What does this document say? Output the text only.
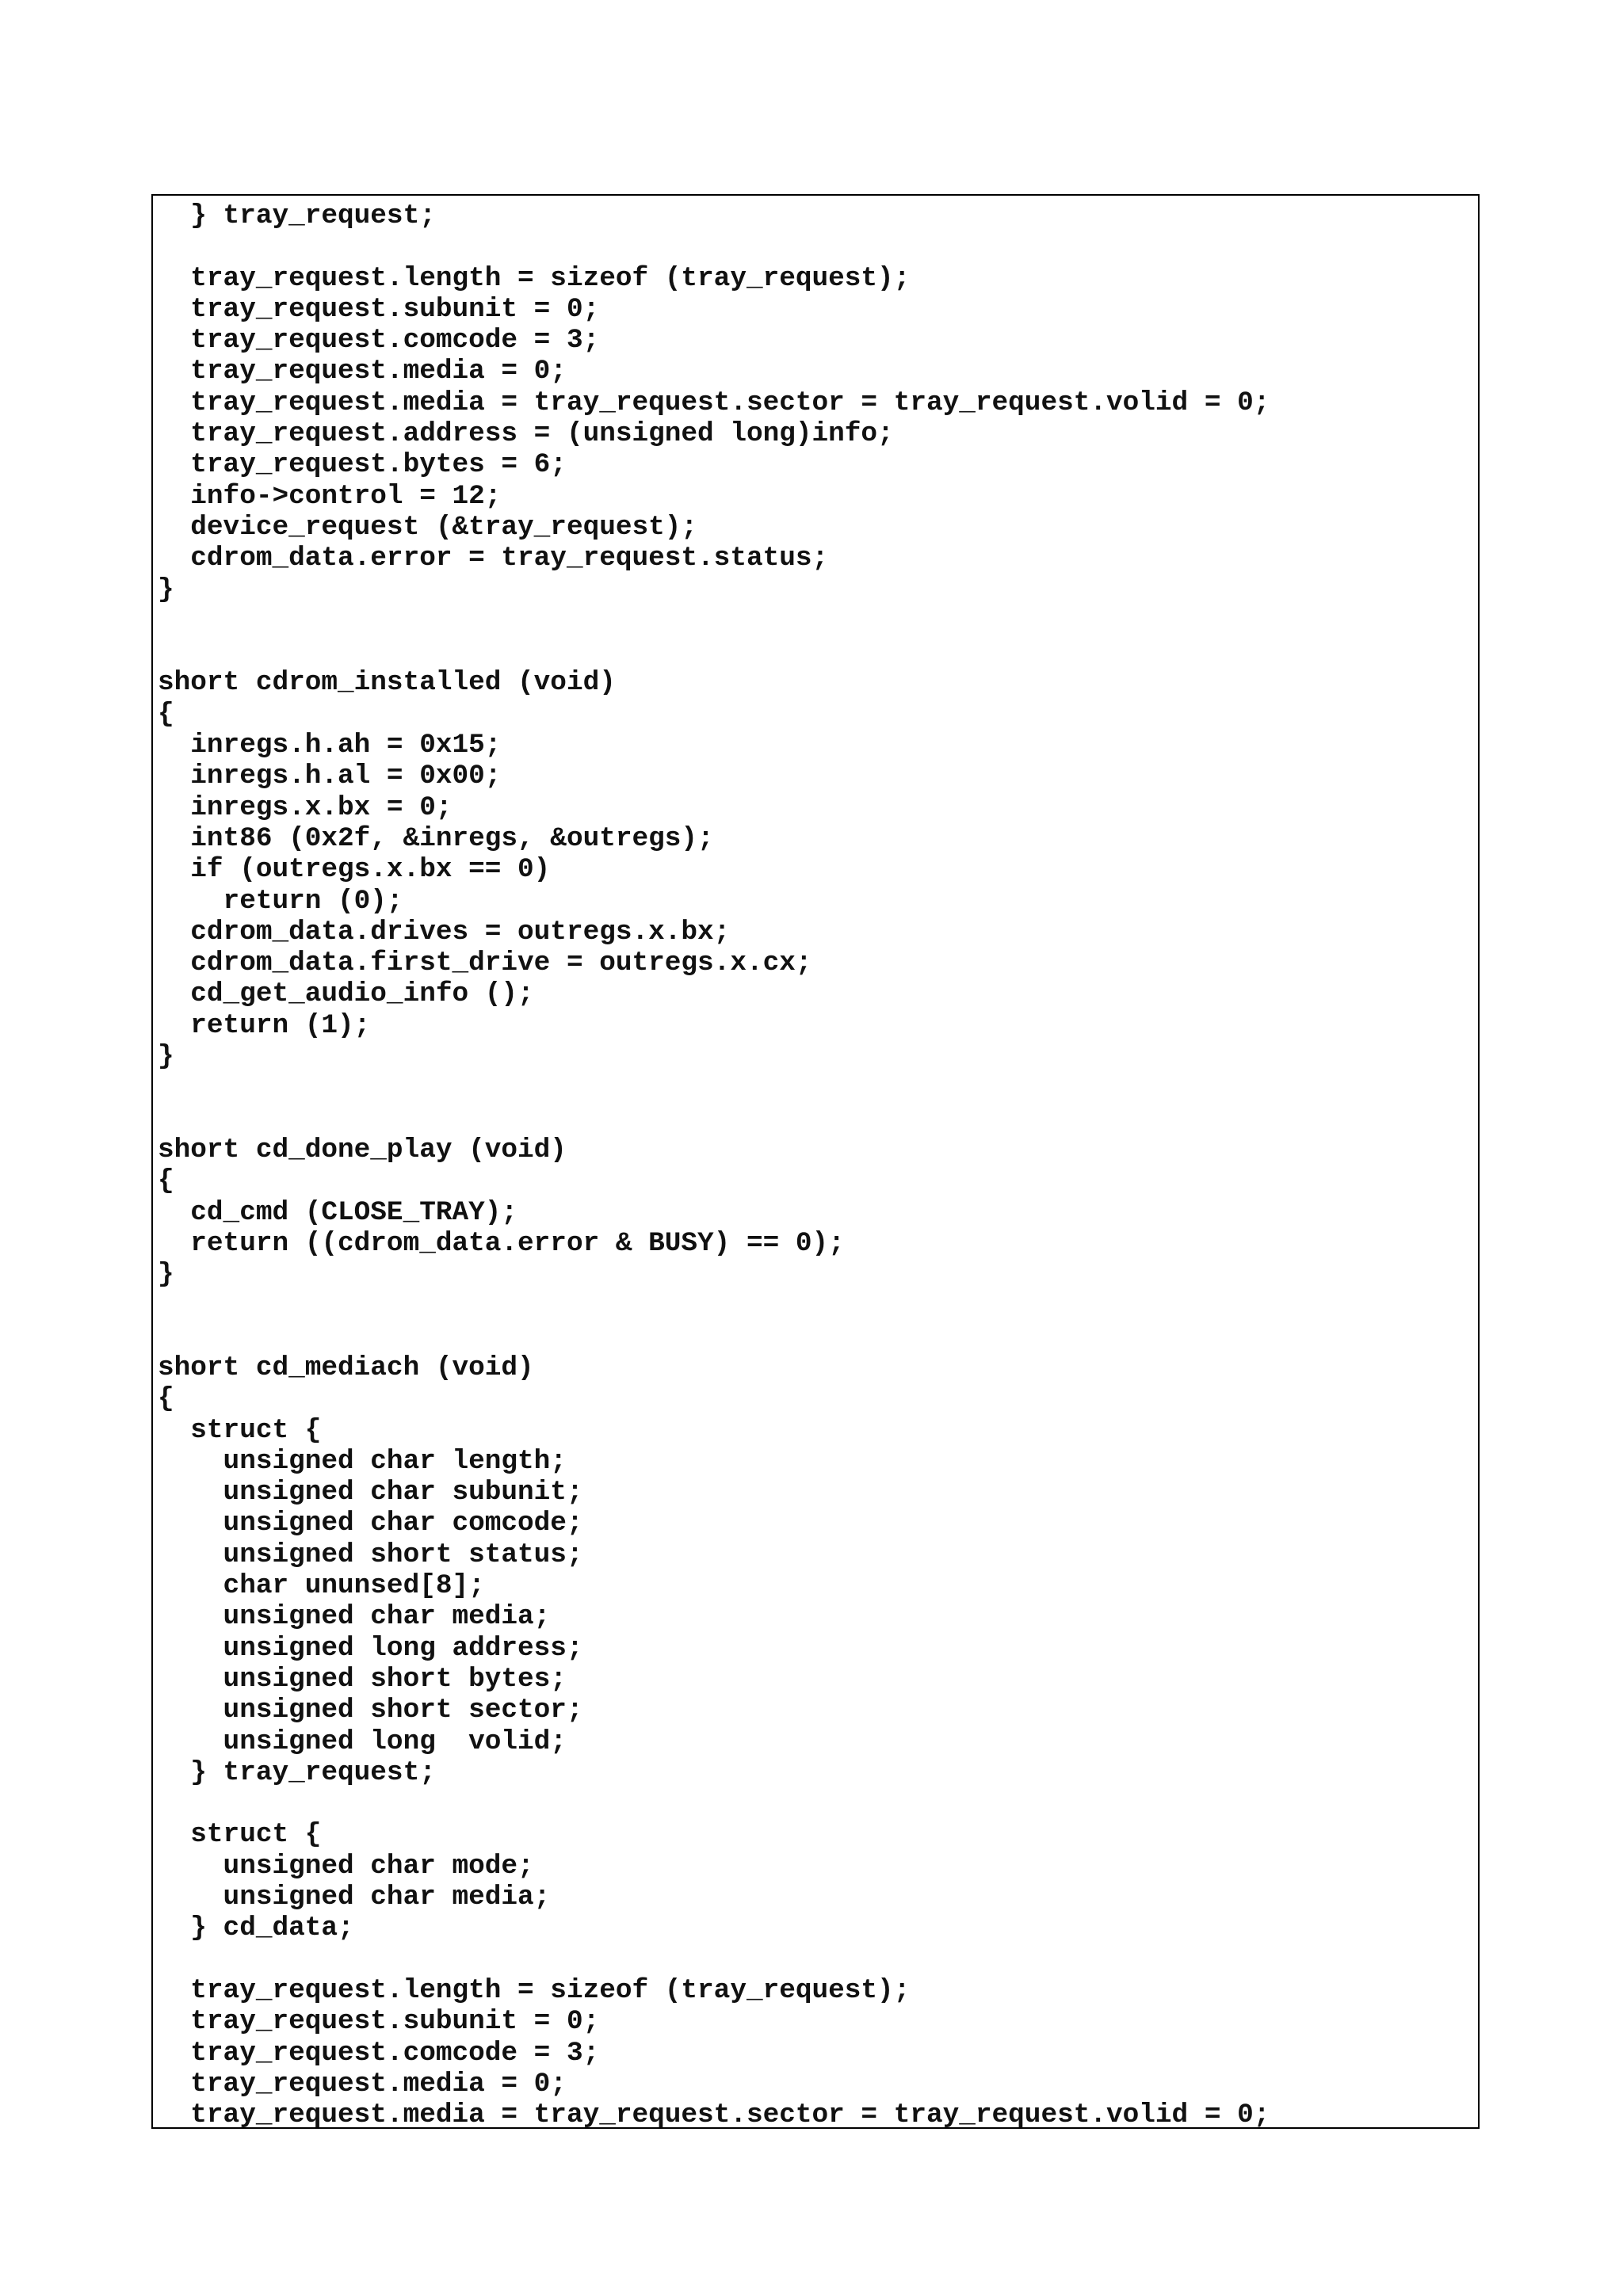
} tray_request;
tray_request.length = sizeof (tray_request);
tray_request.subunit = 0;
tray_request.comcode = 3;
tray_request.media = 0;
tray_request.media = tray_request.sector = tray_request.volid = 0;
tray_request.address = (unsigned long)info;
tray_request.bytes = 6;
info->control = 12;
device_request (&tray_request);
cdrom_data.error = tray_request.status;
}
short cdrom_installed (void)
{
inregs.h.ah = 0x15;
inregs.h.al = 0x00;
inregs.x.bx = 0;
int86 (0x2f, &inregs, &outregs);
if (outregs.x.bx == 0)
return (0);
cdrom_data.drives = outregs.x.bx;
cdrom_data.first_drive = outregs.x.cx;
cd_get_audio_info ();
return (1);
}
short cd_done_play (void)
{
cd_cmd (CLOSE_TRAY);
return ((cdrom_data.error & BUSY) == 0);
}
short cd_mediach (void)
{
struct {
unsigned char length;
unsigned char subunit;
unsigned char comcode;
unsigned short status;
char ununsed[8];
unsigned char media;
unsigned long address;
unsigned short bytes;
unsigned short sector;
unsigned long  volid;
} tray_request;
struct {
unsigned char mode;
unsigned char media;
} cd_data;
tray_request.length = sizeof (tray_request);
tray_request.subunit = 0;
tray_request.comcode = 3;
tray_request.media = 0;
tray_request.media = tray_request.sector = tray_request.volid = 0;
